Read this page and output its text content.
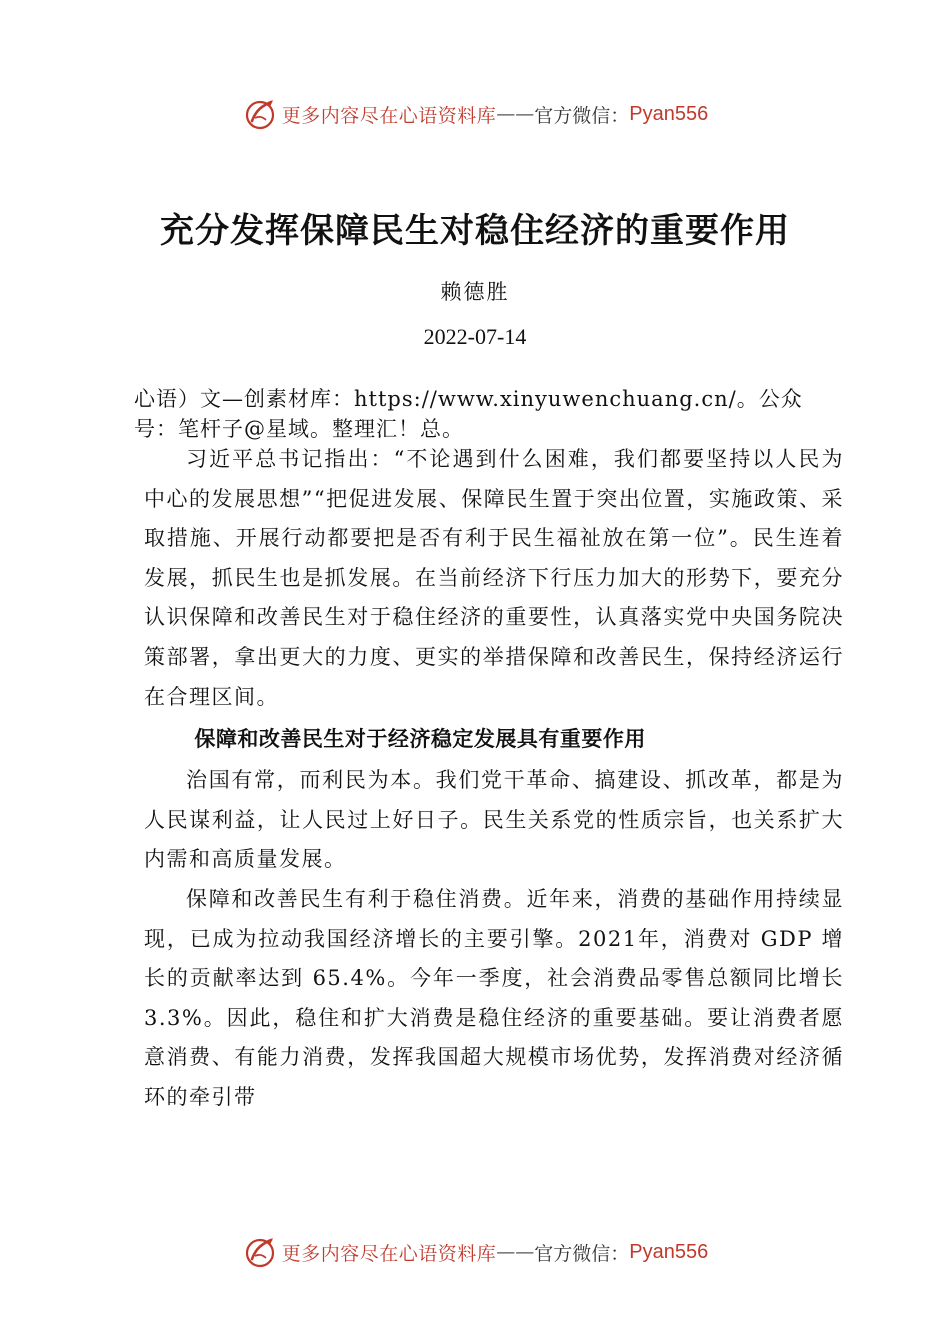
更多内容尽在心语资料库 —— 官方微信： Pyan556
充分发挥保障民生对稳住经济的重要作用
赖德胜
2022-07-14
心语）文—创素材库：https://www.xinyuwenchuang.cn/。公众号：笔杆子@星域。整理汇！总。

习近平总书记指出：“不论遇到什么困难，我们都要坚持以人民为中心的发展思想”“把促进发展、保障民生置于突出位置，实施政策、采取措施、开展行动都要把是否有利于民生福祉放在第一位”。民生连着发展，抓民生也是抓发展。在当前经济下行压力加大的形势下，要充分认识保障和改善民生对于稳住经济的重要性，认真落实党中央国务院决策部署，拿出更大的力度、更实的举措保障和改善民生，保持经济运行在合理区间。

保障和改善民生对于经济稳定发展具有重要作用

治国有常，而利民为本。我们党干革命、搞建设、抓改革，都是为人民谋利益，让人民过上好日子。民生关系党的性质宗旨，也关系扩大内需和高质量发展。

保障和改善民生有利于稳住消费。近年来，消费的基础作用持续显现，已成为拉动我国经济增长的主要引擎。2021年，消费对 GDP 增长的贡献率达到 65.4%。今年一季度，社会消费品零售总额同比增长 3.3%。因此，稳住和扩大消费是稳住经济的重要基础。要让消费者愿意消费、有能力消费，发挥我国超大规模市场优势，发挥消费对经济循环的牵引带

更多内容尽在心语资料库 —— 官方微信： Pyan556
